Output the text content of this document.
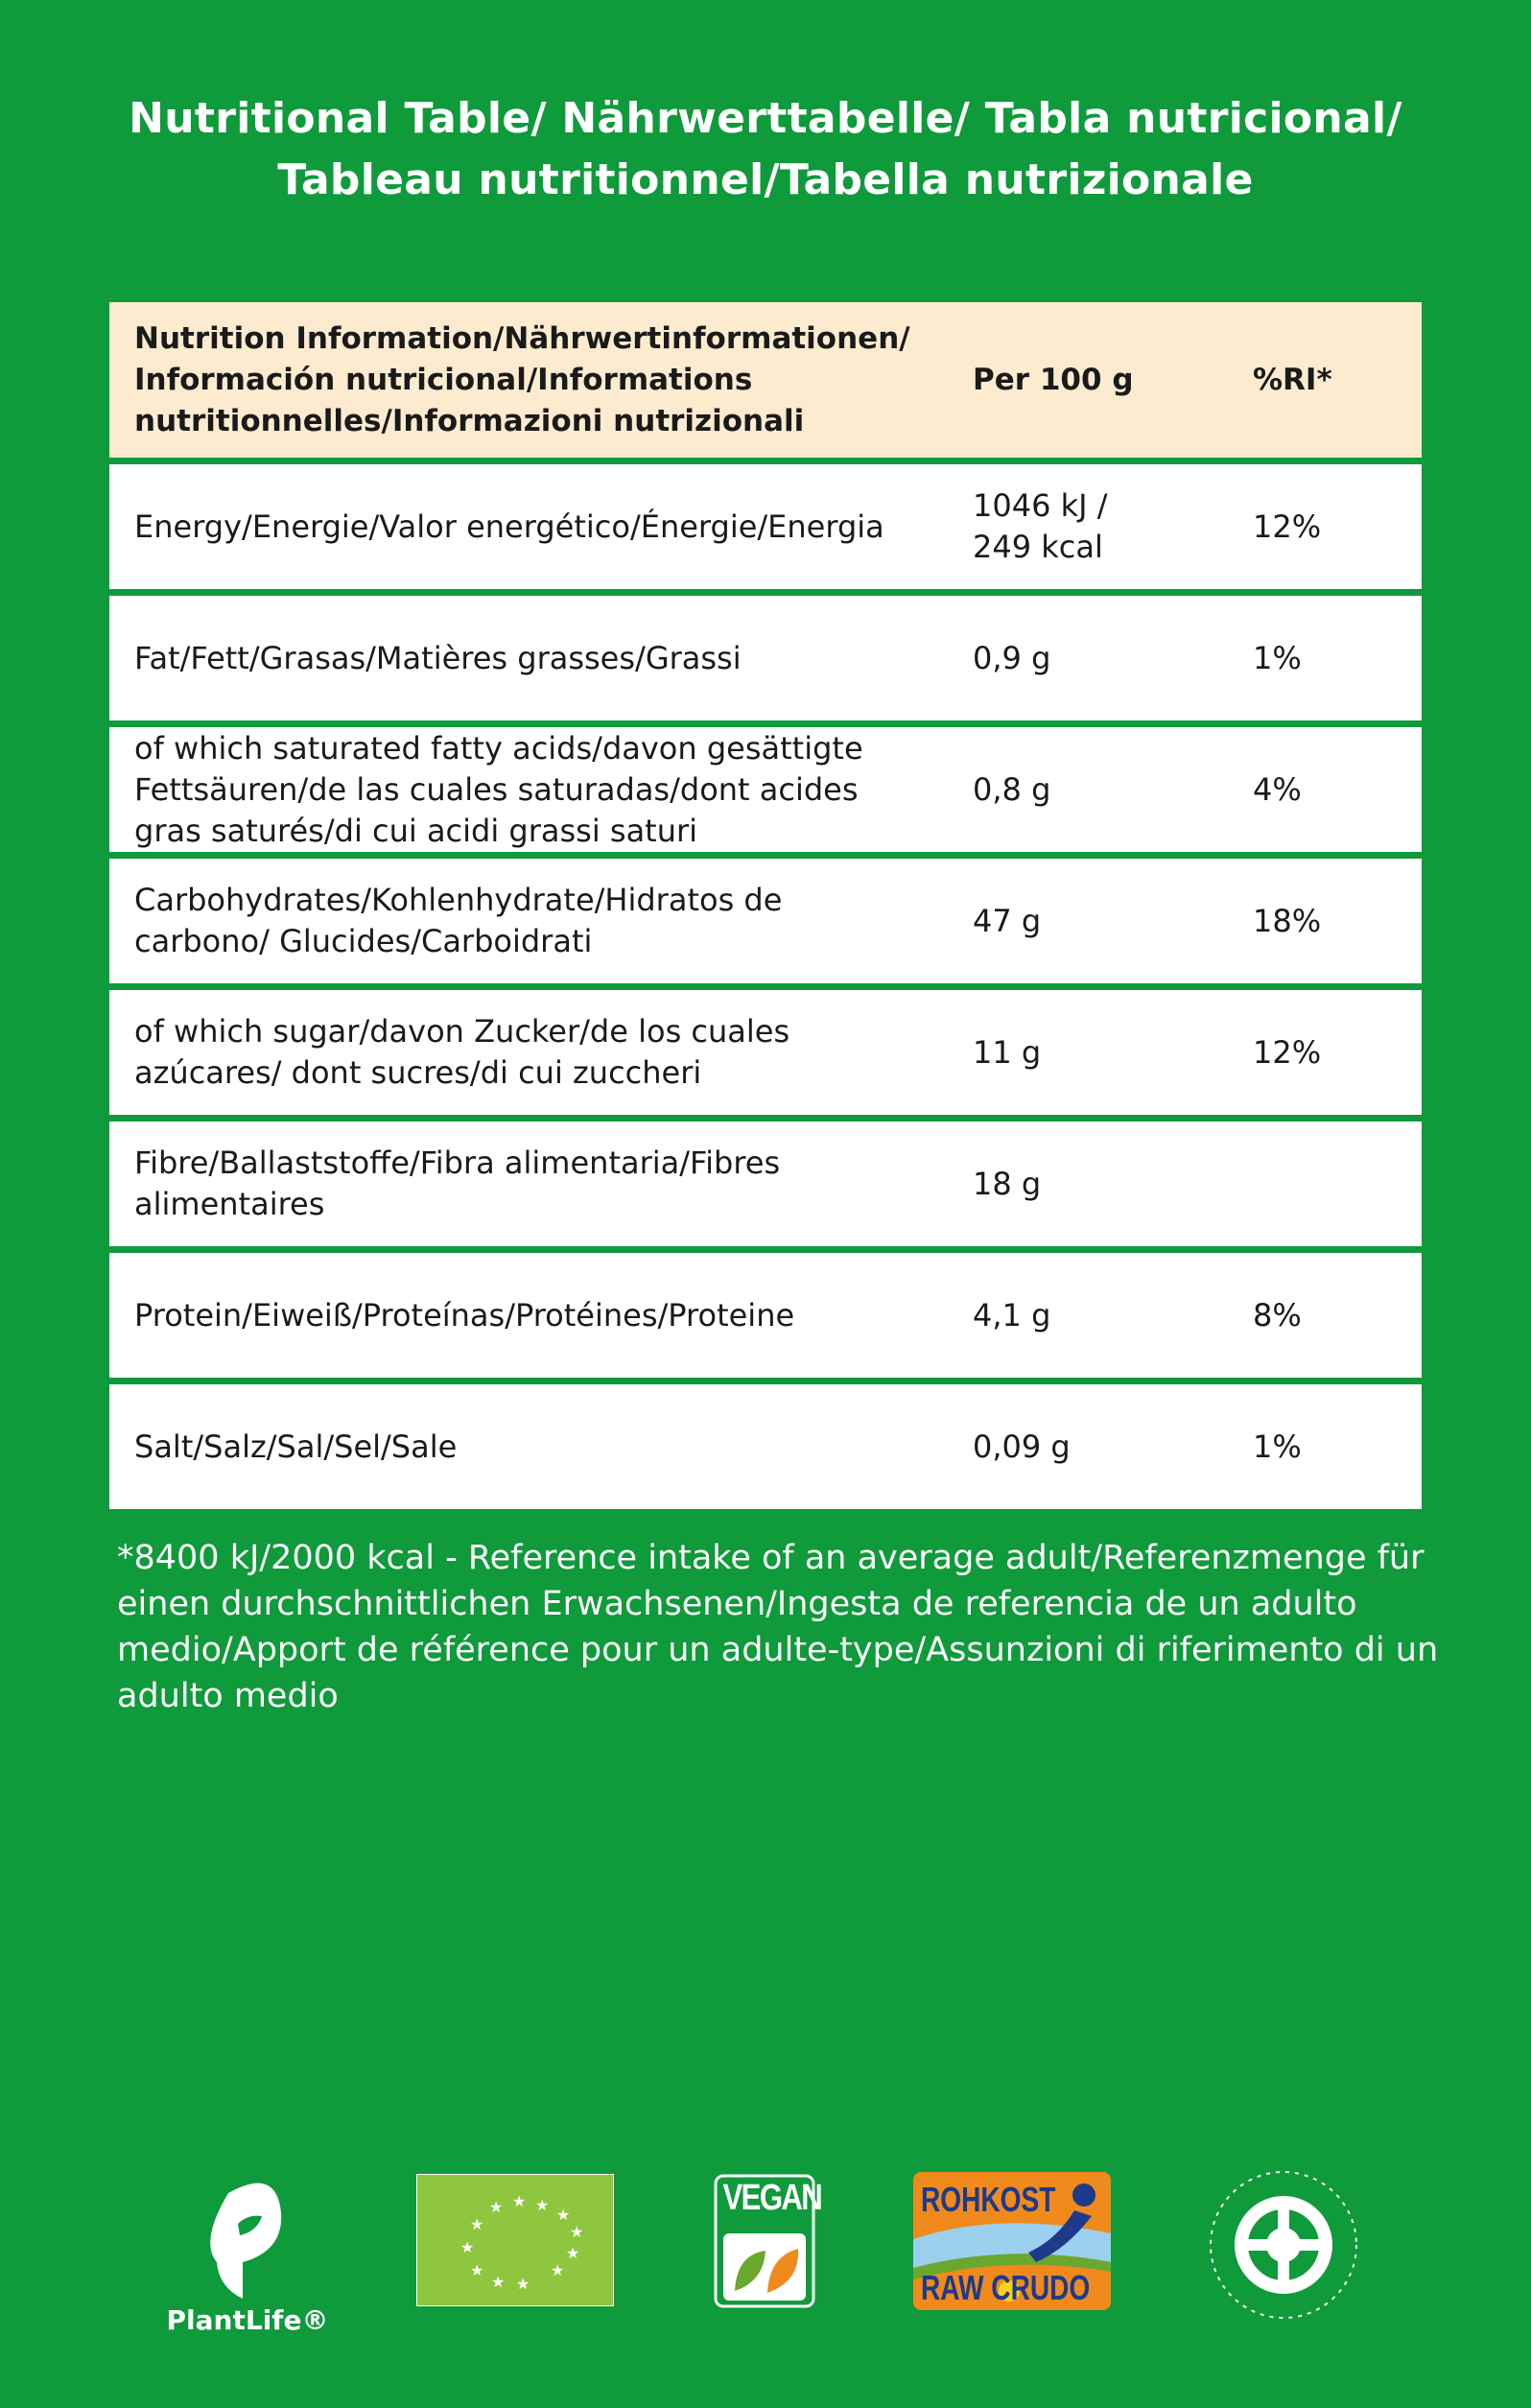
Nutritional Table/ Nährwerttabelle/ Tabla nutricional/
Tableau nutritionnel/Tabella nutrizionale
Nutrition Information/Nährwertinformationen/ Información nutricional/Informations nutritionnelles/Informazioni nutrizionali	Per 100 g	%RI*
Energy/Energie/Valor energético/Énergie/Energia	1046 kJ / 249 kcal	12%
Fat/Fett/Grasas/Matières grasses/Grassi	0,9 g	1%
of which saturated fatty acids/davon gesättigte Fettsäuren/de las cuales saturadas/dont acides gras saturés/di cui acidi grassi saturi	0,8 g	4%
Carbohydrates/Kohlenhydrate/Hidratos de carbono/ Glucides/Carboidrati	47 g	18%
of which sugar/davon Zucker/de los cuales azúcares/ dont sucres/di cui zuccheri	11 g	12%
Fibre/Ballaststoffe/Fibra alimentaria/Fibres alimentaires	18 g	
Protein/Eiweiß/Proteínas/Protéines/Proteine	4,1 g	8%
Salt/Salz/Sal/Sel/Sale	0,09 g	1%
*8400 kJ/2000 kcal - Reference intake of an average adult/Referenzmenge für einen durchschnittlichen Erwachsenen/Ingesta de referencia de un adulto medio/Apport de référence pour un adulte-type/Assunzioni di riferimento di un adulto medio
PlantLife®
★ ★ ★
★
★	★
★	★
★	★
★ ★
VEGAN	ROHKOST
RAW CRUDO
